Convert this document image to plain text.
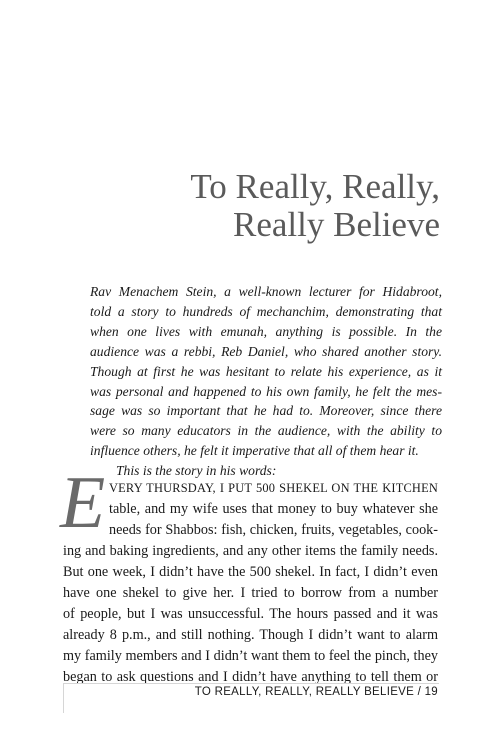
To Really, Really,
Really Believe
Rav Menachem Stein, a well-known lecturer for Hidabroot,
told a story to hundreds of mechanchim, demonstrating that
when one lives with emunah, anything is possible. In the
audience was a rebbi, Reb Daniel, who shared another story.
Though at first he was hesitant to relate his experience, as it
was personal and happened to his own family, he felt the mes-
sage was so important that he had to. Moreover, since there
were so many educators in the audience, with the ability to
influence others, he felt it imperative that all of them hear it.
This is the story in his words:
E VERY THURSDAY, I PUT 500 SHEKEL ON THE KITCHEN
table, and my wife uses that money to buy whatever she
needs for Shabbos: fish, chicken, fruits, vegetables, cook-
ing and baking ingredients, and any other items the family needs.
But one week, I didn’t have the 500 shekel. In fact, I didn’t even
have one shekel to give her. I tried to borrow from a number
of people, but I was unsuccessful. The hours passed and it was
already 8 p.m., and still nothing. Though I didn’t want to alarm
my family members and I didn’t want them to feel the pinch, they
began to ask questions and I didn’t have anything to tell them or
TO REALLY, REALLY, REALLY BELIEVE / 19
